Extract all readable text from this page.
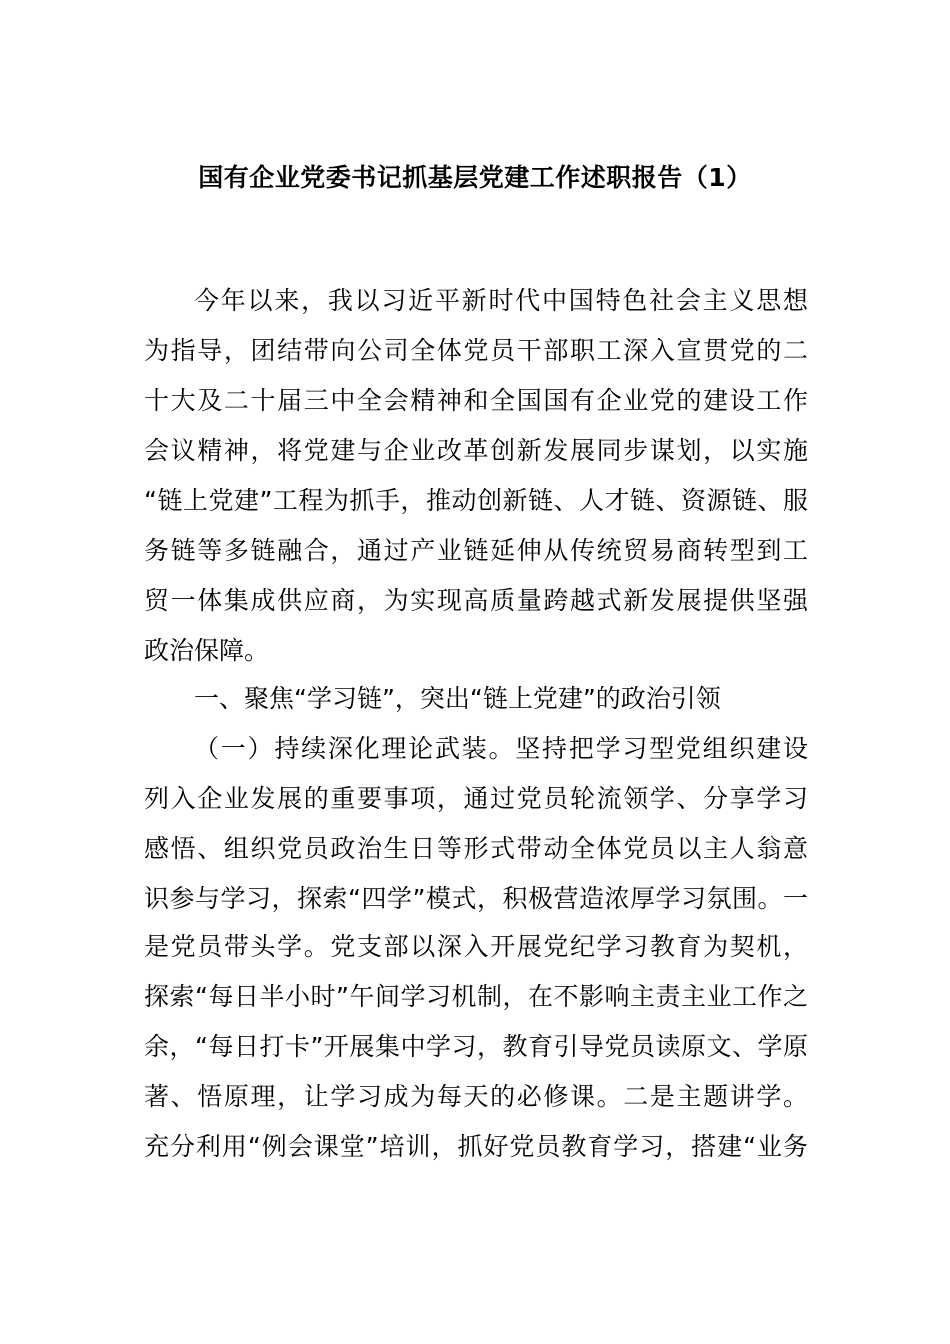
国有企业党委书记抓基层党建工作述职报告（1）
今年以来，我以习近平新时代中国特色社会主义思想
为指导，团结带向公司全体党员干部职工深入宣贯党的二
十大及二十届三中全会精神和全国国有企业党的建设工作
会议精神，将党建与企业改革创新发展同步谋划，以实施
“链上党建”工程为抓手，推动创新链、人才链、资源链、服
务链等多链融合，通过产业链延伸从传统贸易商转型到工
贸一体集成供应商，为实现高质量跨越式新发展提供坚强
政治保障。
一、聚焦“学习链”，突出“链上党建”的政治引领
（一）持续深化理论武装。坚持把学习型党组织建设
列入企业发展的重要事项，通过党员轮流领学、分享学习
感悟、组织党员政治生日等形式带动全体党员以主人翁意
识参与学习，探索“四学”模式，积极营造浓厚学习氛围。一
是党员带头学。党支部以深入开展党纪学习教育为契机，
探索“每日半小时”午间学习机制，在不影响主责主业工作之
余，“每日打卡”开展集中学习，教育引导党员读原文、学原
著、悟原理，让学习成为每天的必修课。二是主题讲学。
充分利用“例会课堂”培训，抓好党员教育学习，搭建“业务
